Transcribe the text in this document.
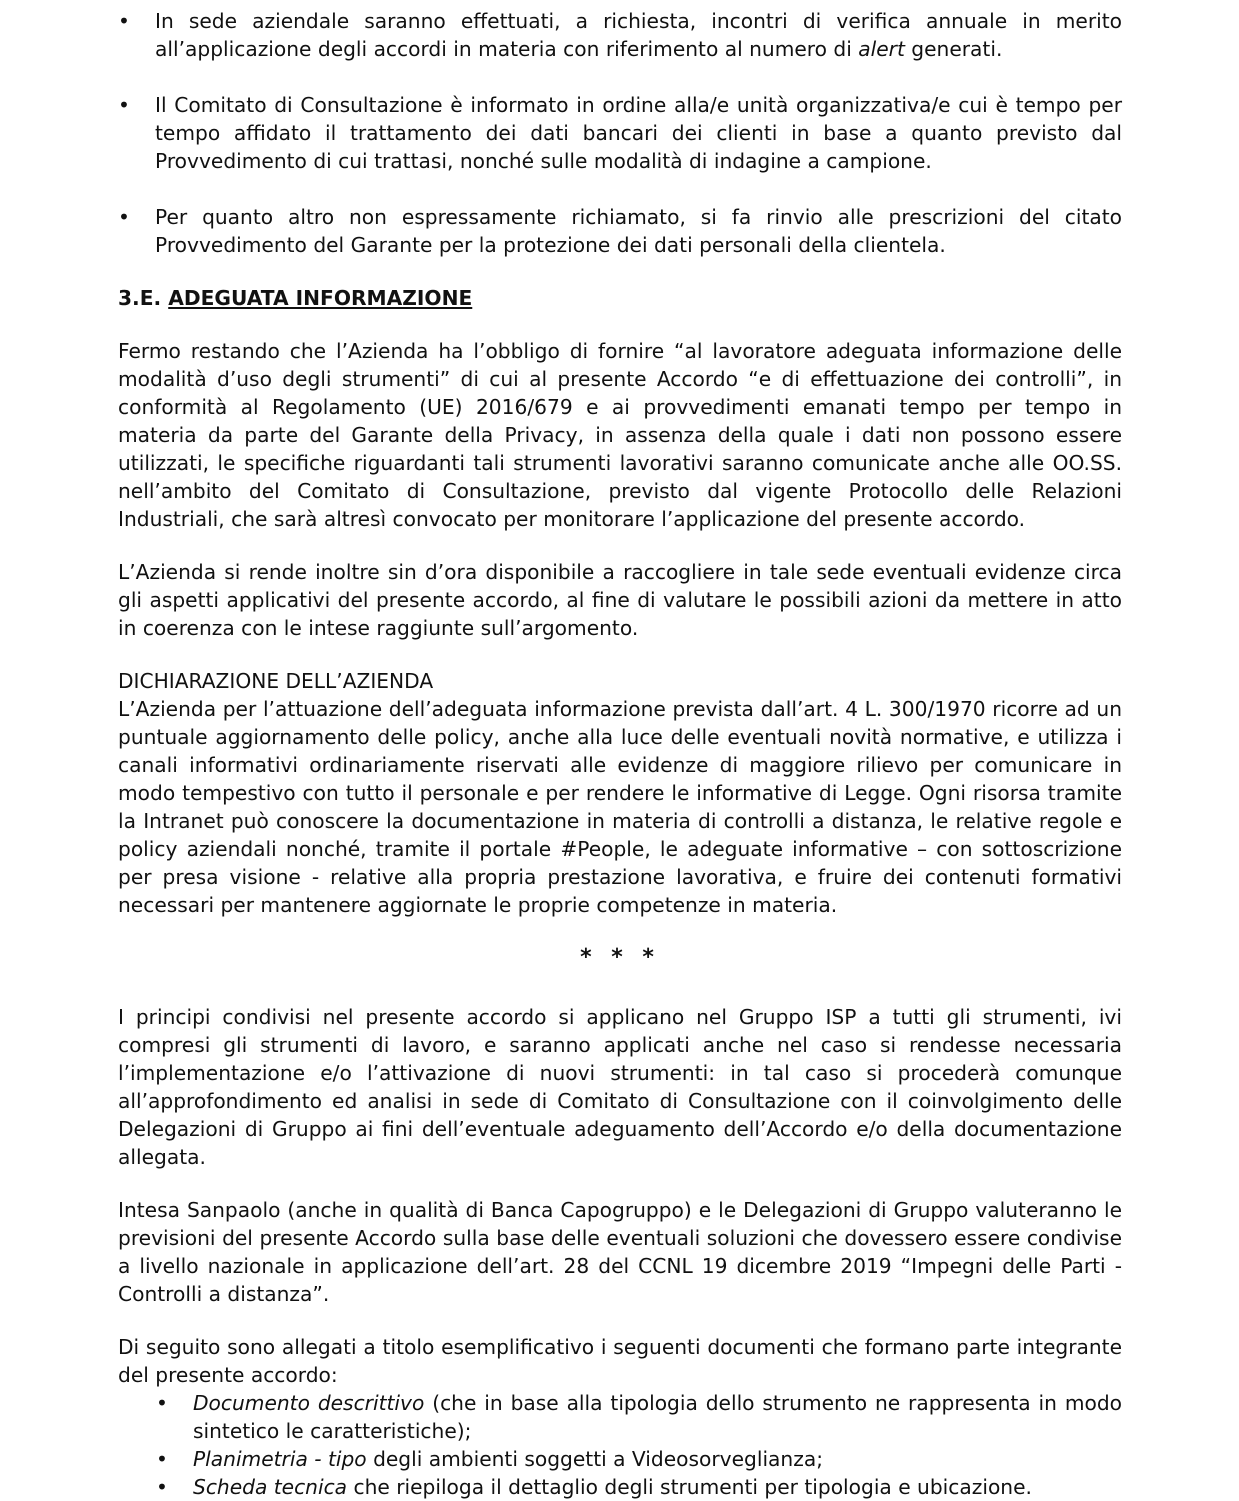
• In sede aziendale saranno effettuati, a richiesta, incontri di verifica annuale in merito all’applicazione degli accordi in materia con riferimento al numero di alert generati.
• Il Comitato di Consultazione è informato in ordine alla/e unità organizzativa/e cui è tempo per tempo affidato il trattamento dei dati bancari dei clienti in base a quanto previsto dal Provvedimento di cui trattasi, nonché sulle modalità di indagine a campione.
• Per quanto altro non espressamente richiamato, si fa rinvio alle prescrizioni del citato Provvedimento del Garante per la protezione dei dati personali della clientela.
3.E. ADEGUATA INFORMAZIONE

Fermo restando che l’Azienda ha l’obbligo di fornire “al lavoratore adeguata informazione delle modalità d’uso degli strumenti” di cui al presente Accordo “e di effettuazione dei controlli”, in conformità al Regolamento (UE) 2016/679 e ai provvedimenti emanati tempo per tempo in materia da parte del Garante della Privacy, in assenza della quale i dati non possono essere utilizzati, le specifiche riguardanti tali strumenti lavorativi saranno comunicate anche alle OO.SS. nell’ambito del Comitato di Consultazione, previsto dal vigente Protocollo delle Relazioni Industriali, che sarà altresì convocato per monitorare l’applicazione del presente accordo.

L’Azienda si rende inoltre sin d’ora disponibile a raccogliere in tale sede eventuali evidenze circa gli aspetti applicativi del presente accordo, al fine di valutare le possibili azioni da mettere in atto in coerenza con le intese raggiunte sull’argomento.

DICHIARAZIONE DELL’AZIENDA

L’Azienda per l’attuazione dell’adeguata informazione prevista dall’art. 4 L. 300/1970 ricorre ad un puntuale aggiornamento delle policy, anche alla luce delle eventuali novità normative, e utilizza i canali informativi ordinariamente riservati alle evidenze di maggiore rilievo per comunicare in modo tempestivo con tutto il personale e per rendere le informative di Legge. Ogni risorsa tramite la Intranet può conoscere la documentazione in materia di controlli a distanza, le relative regole e policy aziendali nonché, tramite il portale #People, le adeguate informative – con sottoscrizione per presa visione - relative alla propria prestazione lavorativa, e fruire dei contenuti formativi necessari per mantenere aggiornate le proprie competenze in materia.

* * *

I principi condivisi nel presente accordo si applicano nel Gruppo ISP a tutti gli strumenti, ivi compresi gli strumenti di lavoro, e saranno applicati anche nel caso si rendesse necessaria l’implementazione e/o l’attivazione di nuovi strumenti: in tal caso si procederà comunque all’approfondimento ed analisi in sede di Comitato di Consultazione con il coinvolgimento delle Delegazioni di Gruppo ai fini dell’eventuale adeguamento dell’Accordo e/o della documentazione allegata.

Intesa Sanpaolo (anche in qualità di Banca Capogruppo) e le Delegazioni di Gruppo valuteranno le previsioni del presente Accordo sulla base delle eventuali soluzioni che dovessero essere condivise a livello nazionale in applicazione dell’art. 28 del CCNL 19 dicembre 2019 “Impegni delle Parti - Controlli a distanza”.

Di seguito sono allegati a titolo esemplificativo i seguenti documenti che formano parte integrante del presente accordo:

• Documento descrittivo (che in base alla tipologia dello strumento ne rappresenta in modo sintetico le caratteristiche);
• Planimetria - tipo degli ambienti soggetti a Videosorveglianza;
• Scheda tecnica che riepiloga il dettaglio degli strumenti per tipologia e ubicazione.
